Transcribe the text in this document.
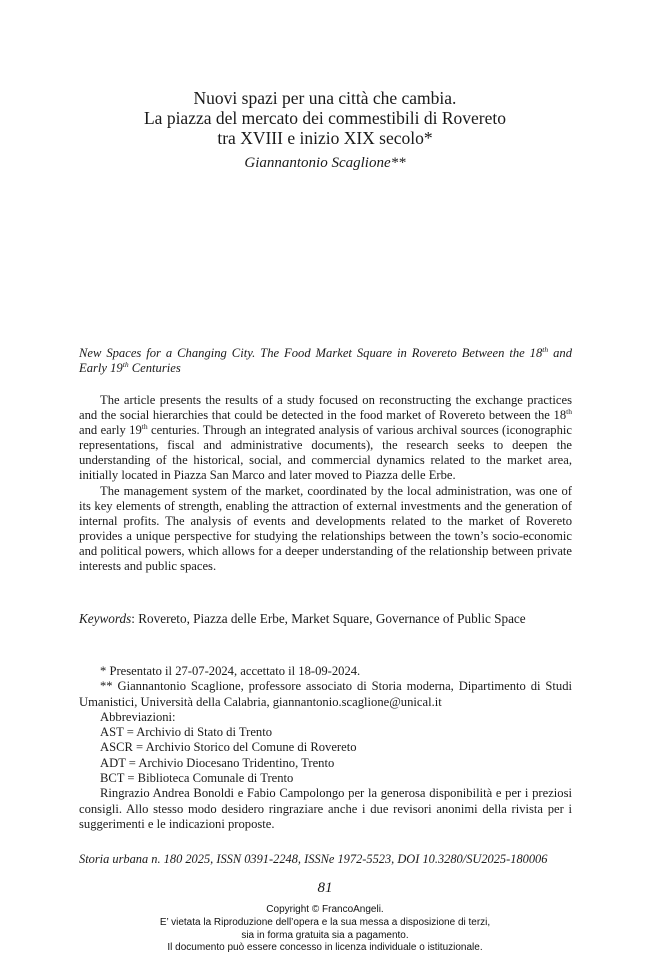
Nuovi spazi per una città che cambia.
La piazza del mercato dei commestibili di Rovereto
tra XVIII e inizio XIX secolo*
Giannantonio Scaglione**
New Spaces for a Changing City. The Food Market Square in Rovereto Between the 18th and Early 19th Centuries

The article presents the results of a study focused on reconstructing the exchange practices and the social hierarchies that could be detected in the food market of Rovereto between the 18th and early 19th centuries. Through an integrated analysis of various archival sources (iconographic representations, fiscal and administrative documents), the research seeks to deepen the understanding of the historical, social, and commercial dynamics related to the market area, initially located in Piazza San Marco and later moved to Piazza delle Erbe.

The management system of the market, coordinated by the local administration, was one of its key elements of strength, enabling the attraction of external investments and the generation of internal profits. The analysis of events and developments related to the market of Rovereto provides a unique perspective for studying the relationships between the town’s socio-economic and political powers, which allows for a deeper understanding of the relationship between private interests and public spaces.

Keywords: Rovereto, Piazza delle Erbe, Market Square, Governance of Public Space

* Presentato il 27-07-2024, accettato il 18-09-2024.

** Giannantonio Scaglione, professore associato di Storia moderna, Dipartimento di Studi Umanistici, Università della Calabria, giannantonio.scaglione@unical.it

Abbreviazioni:

AST = Archivio di Stato di Trento

ASCR = Archivio Storico del Comune di Rovereto

ADT = Archivio Diocesano Tridentino, Trento

BCT = Biblioteca Comunale di Trento

Ringrazio Andrea Bonoldi e Fabio Campolongo per la generosa disponibilità e per i preziosi consigli. Allo stesso modo desidero ringraziare anche i due revisori anonimi della rivista per i suggerimenti e le indicazioni proposte.

Storia urbana n. 180 2025, ISSN 0391-2248, ISSNe 1972-5523, DOI 10.3280/SU2025-180006
81
Copyright © FrancoAngeli.
E’ vietata la Riproduzione dell’opera e la sua messa a disposizione di terzi,
sia in forma gratuita sia a pagamento.
Il documento può essere concesso in licenza individuale o istituzionale.
